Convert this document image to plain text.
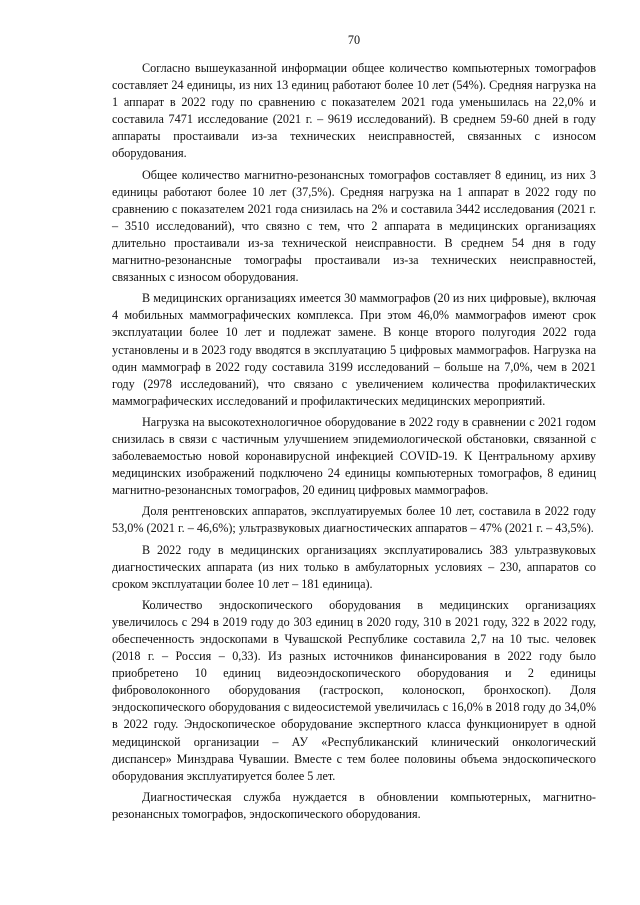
70

Согласно вышеуказанной информации общее количество компьютерных томографов составляет 24 единицы, из них 13 единиц работают более 10 лет (54%). Средняя нагрузка на 1 аппарат в 2022 году по сравнению с показателем 2021 года уменьшилась на 22,0% и составила 7471 исследование (2021 г. – 9619 исследований). В среднем 59-60 дней в году аппараты простаивали из-за технических неисправностей, связанных с износом оборудования.

Общее количество магнитно-резонансных томографов составляет 8 единиц, из них 3 единицы работают более 10 лет (37,5%). Средняя нагрузка на 1 аппарат в 2022 году по сравнению с показателем 2021 года снизилась на 2% и составила 3442 исследования (2021 г. – 3510 исследований), что связно с тем, что 2 аппарата в медицинских организациях длительно простаивали из-за технической неисправности. В среднем 54 дня в году магнитно-резонансные томографы простаивали из-за технических неисправностей, связанных с износом оборудования.

В медицинских организациях имеется 30 маммографов (20 из них цифровые), включая 4 мобильных маммографических комплекса. При этом 46,0% маммографов имеют срок эксплуатации более 10 лет и подлежат замене. В конце второго полугодия 2022 года установлены и в 2023 году вводятся в эксплуатацию 5 цифровых маммографов. Нагрузка на один маммограф в 2022 году составила 3199 исследований – больше на 7,0%, чем в 2021 году (2978 исследований), что связано с увеличением количества профилактических маммографических исследований и профилактических медицинских мероприятий.

Нагрузка на высокотехнологичное оборудование в 2022 году в сравнении с 2021 годом снизилась в связи с частичным улучшением эпидемиологической обстановки, связанной с заболеваемостью новой коронавирусной инфекцией COVID-19. К Центральному архиву медицинских изображений подключено 24 единицы компьютерных томографов, 8 единиц магнитно-резонансных томографов, 20 единиц цифровых маммографов.

Доля рентгеновских аппаратов, эксплуатируемых более 10 лет, составила в 2022 году 53,0% (2021 г. – 46,6%); ультразвуковых диагностических аппаратов – 47% (2021 г. – 43,5%).

В 2022 году в медицинских организациях эксплуатировались 383 ультразвуковых диагностических аппарата (из них только в амбулаторных условиях – 230, аппаратов со сроком эксплуатации более 10 лет – 181 единица).

Количество эндоскопического оборудования в медицинских организациях увеличилось с 294 в 2019 году до 303 единиц в 2020 году, 310 в 2021 году, 322 в 2022 году, обеспеченность эндоскопами в Чувашской Республике составила 2,7 на 10 тыс. человек (2018 г. – Россия – 0,33). Из разных источников финансирования в 2022 году было приобретено 10 единиц видеоэндоскопического оборудования и 2 единицы фиброволоконного оборудования (гастроскоп, колоноскоп, бронхоскоп). Доля эндоскопического оборудования с видеосистемой увеличилась с 16,0% в 2018 году до 34,0% в 2022 году. Эндоскопическое оборудование экспертного класса функционирует в одной медицинской организации – АУ «Республиканский клинический онкологический диспансер» Минздрава Чувашии. Вместе с тем более половины объема эндоскопического оборудования эксплуатируется более 5 лет.

Диагностическая служба нуждается в обновлении компьютерных, магнитно-резонансных томографов, эндоскопического оборудования.
